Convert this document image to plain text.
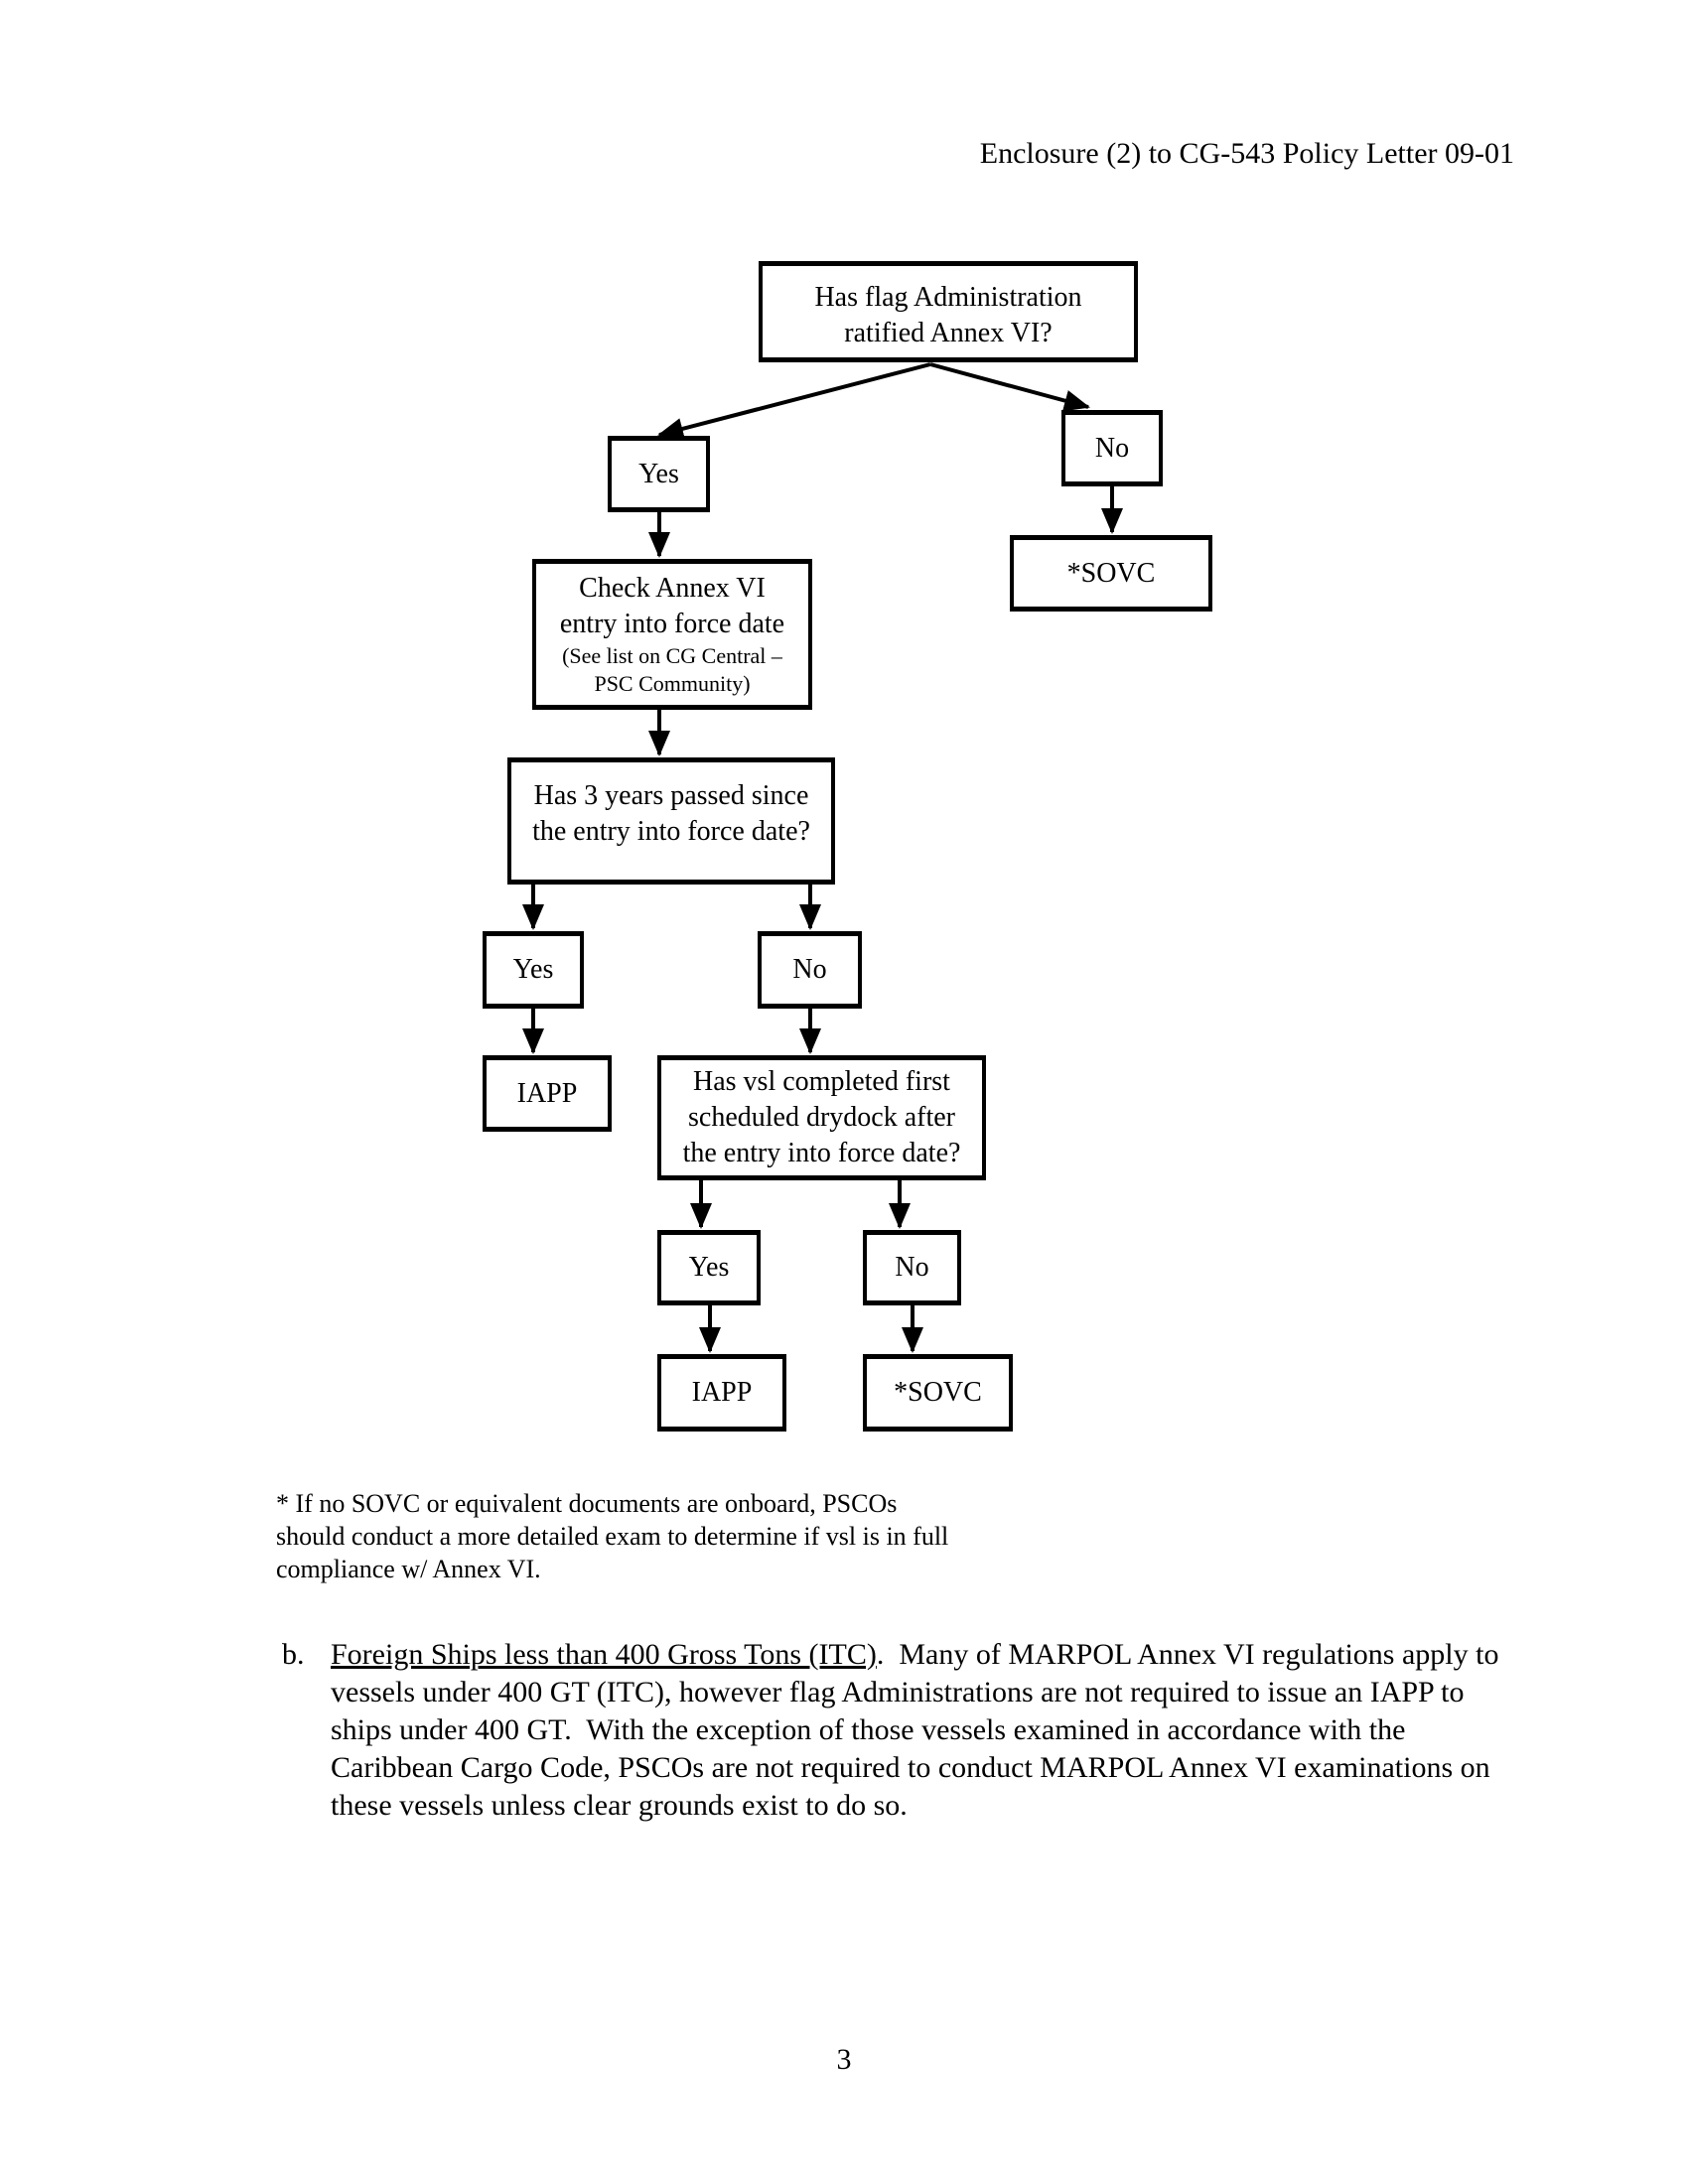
Enclosure (2) to CG-543 Policy Letter 09-01
Has flag Administration
ratified Annex VI?
Yes
No
*SOVC
Check Annex VI
entry into force date
(See list on CG Central –
PSC Community)
Has 3 years passed since
the entry into force date?
Yes	No
IAPP	Has vsl completed first
scheduled drydock after
the entry into force date?
Yes	No
IAPP	*SOVC
* If no SOVC or equivalent documents are onboard, PSCOs
should conduct a more detailed exam to determine if vsl is in full
compliance w/ Annex VI.
b. Foreign Ships less than 400 Gross Tons (ITC).  Many of MARPOL Annex VI regulations apply to vessels under 400 GT (ITC), however flag Administrations are not required to issue an IAPP to ships under 400 GT.  With the exception of those vessels examined in accordance with the Caribbean Cargo Code, PSCOs are not required to conduct MARPOL Annex VI examinations on these vessels unless clear grounds exist to do so.
3
